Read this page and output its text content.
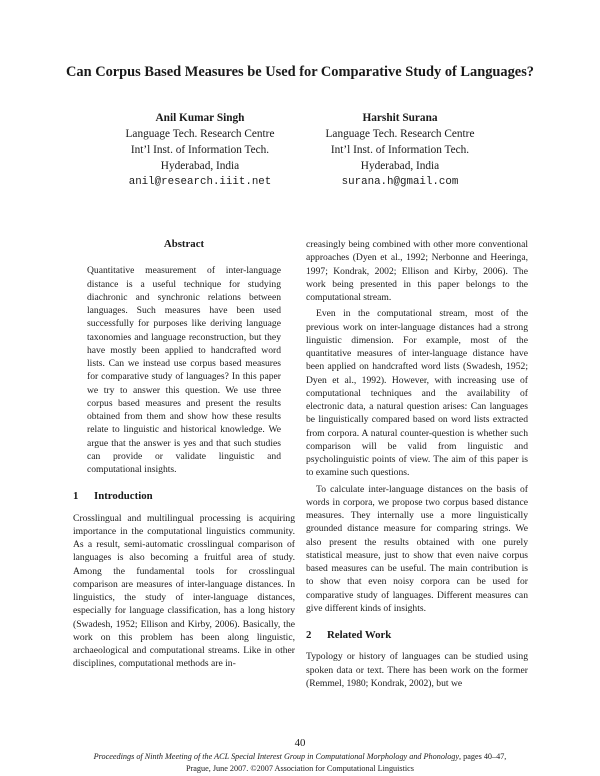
Can Corpus Based Measures be Used for Comparative Study of Languages?
Anil Kumar Singh
Language Tech. Research Centre
Int’l Inst. of Information Tech.
Hyderabad, India
anil@research.iiit.net
Harshit Surana
Language Tech. Research Centre
Int’l Inst. of Information Tech.
Hyderabad, India
surana.h@gmail.com
Abstract

Quantitative measurement of inter-language distance is a useful technique for studying diachronic and synchronic relations between languages. Such measures have been used successfully for purposes like deriving language taxonomies and language reconstruction, but they have mostly been applied to handcrafted word lists. Can we instead use corpus based measures for comparative study of languages? In this paper we try to answer this question. We use three corpus based measures and present the results obtained from them and show how these results relate to linguistic and historical knowledge. We argue that the answer is yes and that such studies can provide or validate linguistic and computational insights.

1 Introduction

Crosslingual and multilingual processing is acquiring importance in the computational linguistics community. As a result, semi-automatic crosslingual comparison of languages is also becoming a fruitful area of study. Among the fundamental tools for crosslingual comparison are measures of inter-language distances. In linguistics, the study of inter-language distances, especially for language classification, has a long history (Swadesh, 1952; Ellison and Kirby, 2006). Basically, the work on this problem has been along linguistic, archaeological and computational streams. Like in other disciplines, computational methods are in-

creasingly being combined with other more conventional approaches (Dyen et al., 1992; Nerbonne and Heeringa, 1997; Kondrak, 2002; Ellison and Kirby, 2006). The work being presented in this paper belongs to the computational stream.

Even in the computational stream, most of the previous work on inter-language distances had a strong linguistic dimension. For example, most of the quantitative measures of inter-language distance have been applied on handcrafted word lists (Swadesh, 1952; Dyen et al., 1992). However, with increasing use of computational techniques and the availability of electronic data, a natural question arises: Can languages be linguistically compared based on word lists extracted from corpora. A natural counter-question is whether such comparison will be valid from linguistic and psycholinguistic points of view. The aim of this paper is to examine such questions.

To calculate inter-language distances on the basis of words in corpora, we propose two corpus based distance measures. They internally use a more linguistically grounded distance measure for comparing strings. We also present the results obtained with one purely statistical measure, just to show that even naive corpus based measures can be useful. The main contribution is to show that even noisy corpora can be used for comparative study of languages. Different measures can give different kinds of insights.

2 Related Work

Typology or history of languages can be studied using spoken data or text. There has been work on the former (Remmel, 1980; Kondrak, 2002), but we

40
Proceedings of Ninth Meeting of the ACL Special Interest Group in Computational Morphology and Phonology, pages 40–47,
Prague, June 2007. ©2007 Association for Computational Linguistics
